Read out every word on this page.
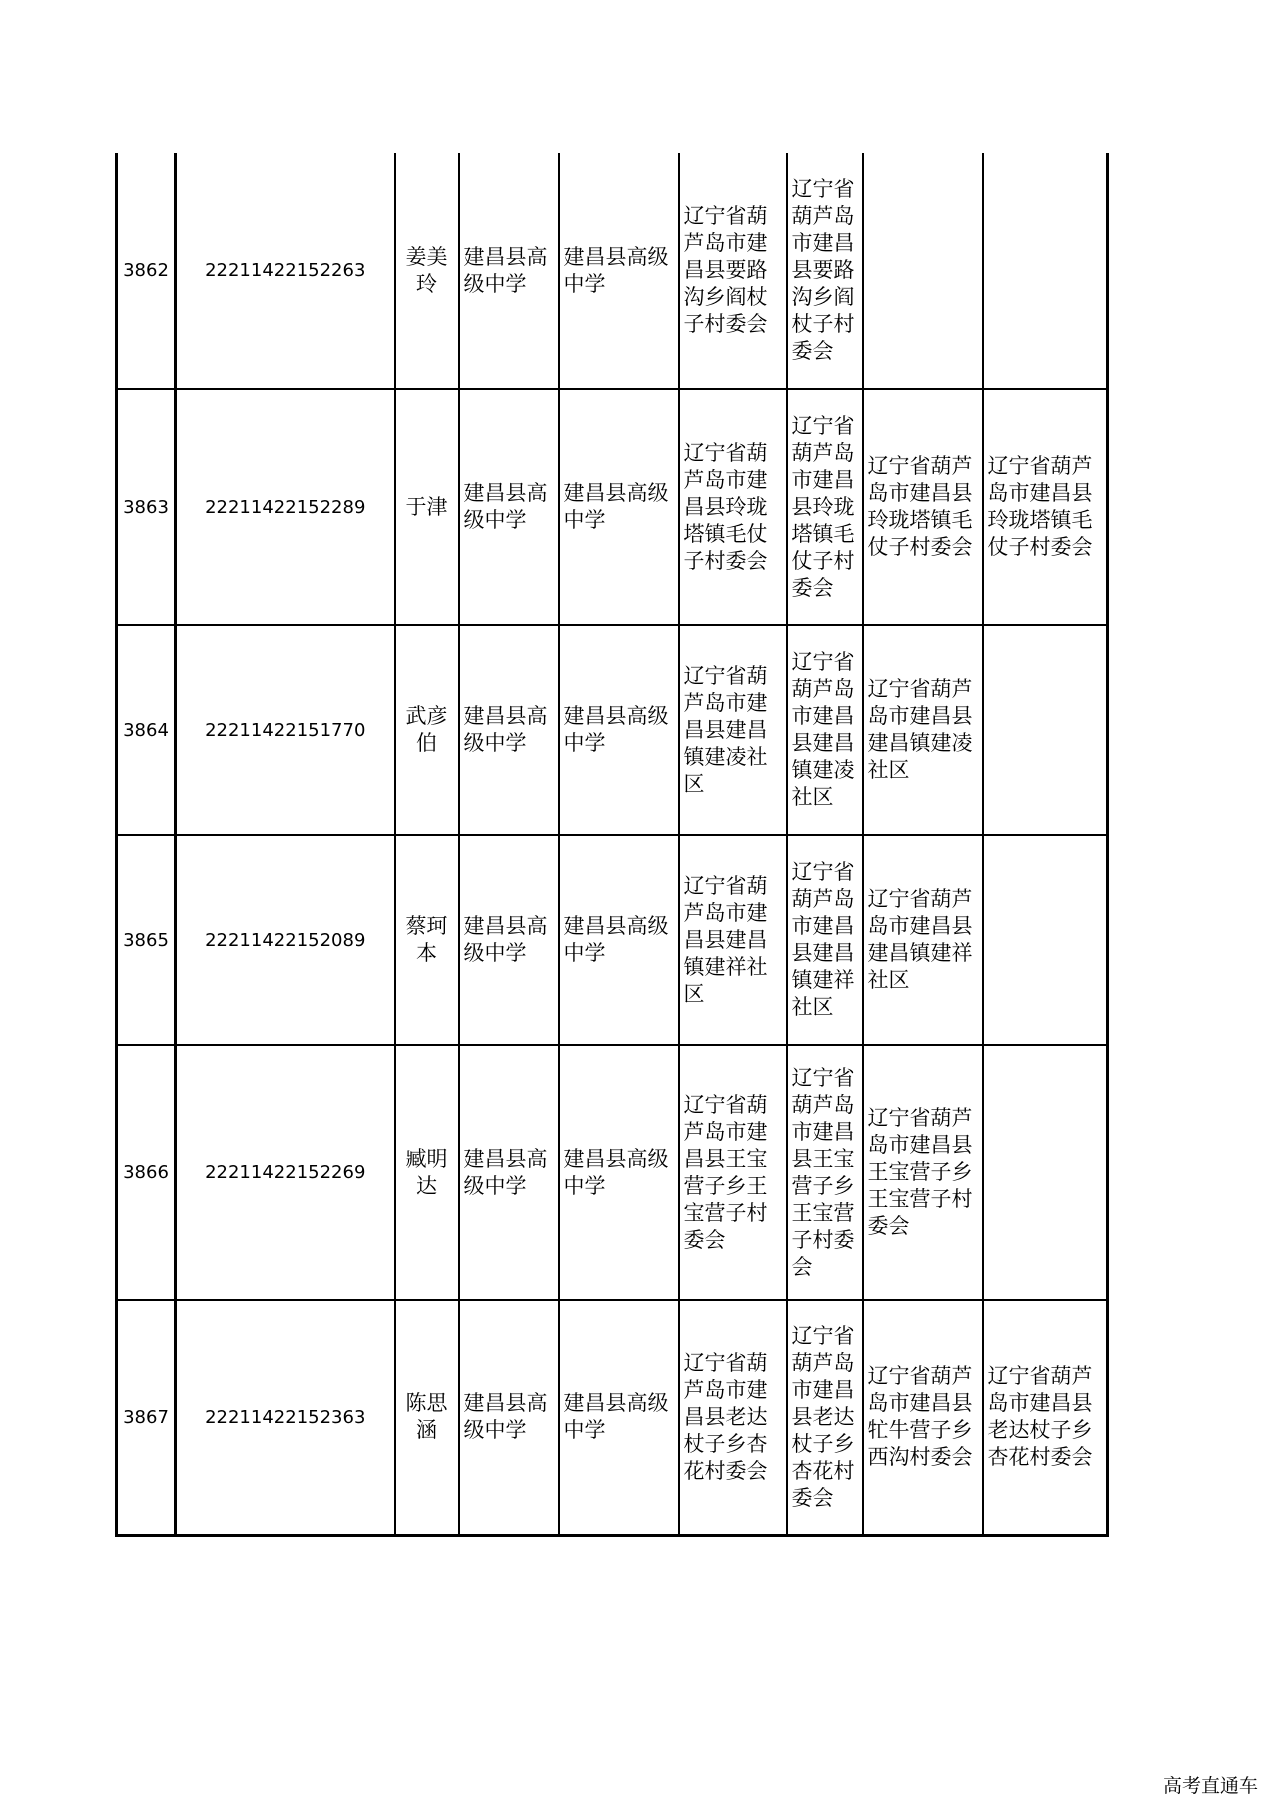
3862	22211422152263	姜美玲	建昌县高级中学	建昌县高级中学	辽宁省葫芦岛市建昌县要路沟乡阎杖子村委会	辽宁省葫芦岛市建昌县要路沟乡阎杖子村委会		
3863	22211422152289	于津	建昌县高级中学	建昌县高级中学	辽宁省葫芦岛市建昌县玲珑塔镇毛仗子村委会	辽宁省葫芦岛市建昌县玲珑塔镇毛仗子村委会	辽宁省葫芦岛市建昌县玲珑塔镇毛仗子村委会	辽宁省葫芦岛市建昌县玲珑塔镇毛仗子村委会
3864	22211422151770	武彦伯	建昌县高级中学	建昌县高级中学	辽宁省葫芦岛市建昌县建昌镇建凌社区	辽宁省葫芦岛市建昌县建昌镇建凌社区	辽宁省葫芦岛市建昌县建昌镇建凌社区	
3865	22211422152089	蔡珂本	建昌县高级中学	建昌县高级中学	辽宁省葫芦岛市建昌县建昌镇建祥社区	辽宁省葫芦岛市建昌县建昌镇建祥社区	辽宁省葫芦岛市建昌县建昌镇建祥社区	
3866	22211422152269	臧明达	建昌县高级中学	建昌县高级中学	辽宁省葫芦岛市建昌县王宝营子乡王宝营子村委会	辽宁省葫芦岛市建昌县王宝营子乡王宝营子村委会	辽宁省葫芦岛市建昌县王宝营子乡王宝营子村委会	
3867	22211422152363	陈思涵	建昌县高级中学	建昌县高级中学	辽宁省葫芦岛市建昌县老达杖子乡杏花村委会	辽宁省葫芦岛市建昌县老达杖子乡杏花村委会	辽宁省葫芦岛市建昌县牤牛营子乡西沟村委会	辽宁省葫芦岛市建昌县老达杖子乡杏花村委会
高考直通车
